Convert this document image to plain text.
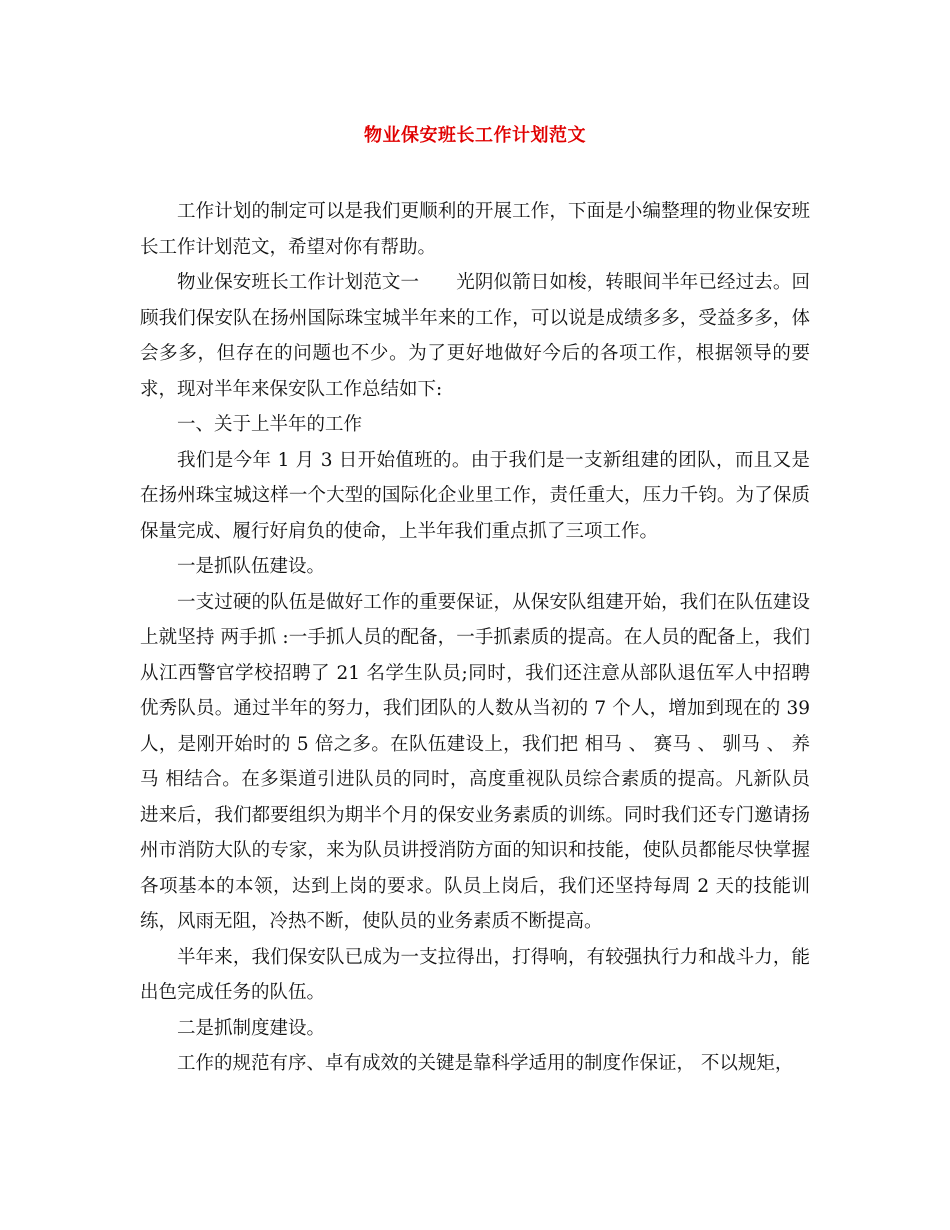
物业保安班长工作计划范文

工作计划的制定可以是我们更顺利的开展工作，下面是小编整理的物业保安班长工作计划范文，希望对你有帮助。

物业保安班长工作计划范文一　　光阴似箭日如梭，转眼间半年已经过去。回顾我们保安队在扬州国际珠宝城半年来的工作，可以说是成绩多多，受益多多，体会多多，但存在的问题也不少。为了更好地做好今后的各项工作，根据领导的要求，现对半年来保安队工作总结如下:

一、关于上半年的工作

我们是今年 1 月 3 日开始值班的。由于我们是一支新组建的团队，而且又是在扬州珠宝城这样一个大型的国际化企业里工作，责任重大，压力千钧。为了保质保量完成、履行好肩负的使命，上半年我们重点抓了三项工作。

一是抓队伍建设。

一支过硬的队伍是做好工作的重要保证，从保安队组建开始，我们在队伍建设上就坚持 两手抓 :一手抓人员的配备，一手抓素质的提高。在人员的配备上，我们从江西警官学校招聘了 21 名学生队员;同时，我们还注意从部队退伍军人中招聘优秀队员。通过半年的努力，我们团队的人数从当初的 7 个人，增加到现在的 39 人，是刚开始时的 5 倍之多。在队伍建设上，我们把 相马 、 赛马 、 驯马 、 养马 相结合。在多渠道引进队员的同时，高度重视队员综合素质的提高。凡新队员进来后，我们都要组织为期半个月的保安业务素质的训练。同时我们还专门邀请扬州市消防大队的专家，来为队员讲授消防方面的知识和技能，使队员都能尽快掌握各项基本的本领，达到上岗的要求。队员上岗后，我们还坚持每周 2 天的技能训练，风雨无阻，冷热不断，使队员的业务素质不断提高。

半年来，我们保安队已成为一支拉得出，打得响，有较强执行力和战斗力，能出色完成任务的队伍。

二是抓制度建设。

工作的规范有序、卓有成效的关键是靠科学适用的制度作保证， 不以规矩，
